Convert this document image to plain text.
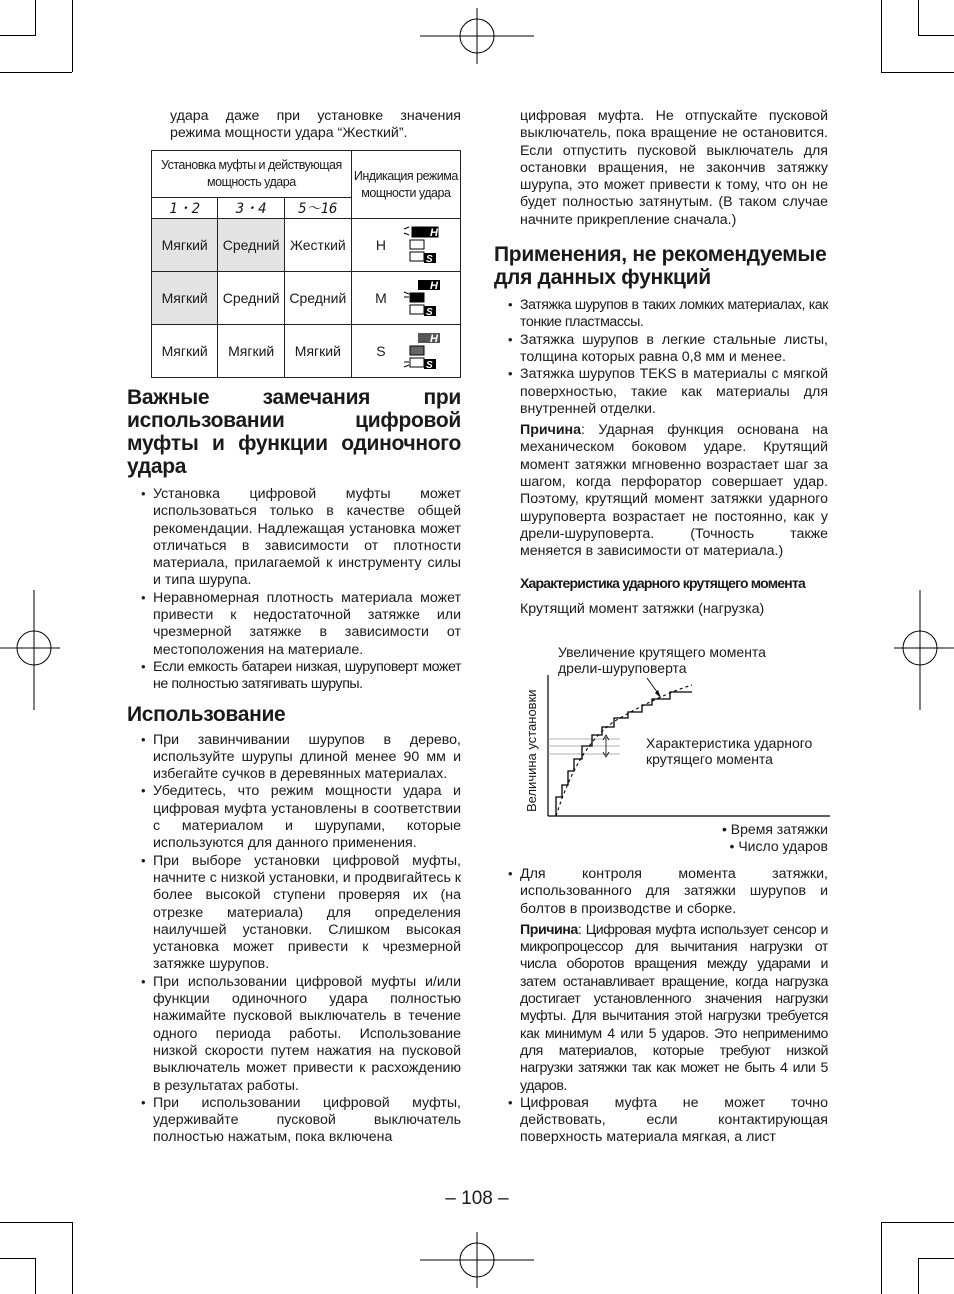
удара даже при установке значения режима мощности удара “Жесткий”.

Установка муфты и действующая мощность удара			Индикация режима мощности удара
1・2	3・4	5～16	
Мягкий	Средний	Жесткий	H
H
S

Мягкий	Средний	Средний	M
H
S

Мягкий	Мягкий	Мягкий	S
H
S
Важные замечания при использовании цифровой муфты и функции одиночного удара

• Установка цифровой муфты может использоваться только в качестве общей рекомендации. Надлежащая установка может отличаться в зависимости от плотности материала, прилагаемой к инструменту силы и типа шурупа.

• Неравномерная плотность материала может привести к недостаточной затяжке или чрезмерной затяжке в зависимости от местоположения на материале.

• Если емкость батареи низкая, шуруповерт может не полностью затягивать шурупы.

Использование

• При завинчивании шурупов в дерево, используйте шурупы длиной менее 90 мм и избегайте сучков в деревянных материалах.

• Убедитесь, что режим мощности удара и цифровая муфта установлены в соответствии с материалом и шурупами, которые используются для данного применения.

• При выборе установки цифровой муфты, начните с низкой установки, и продвигайтесь к более высокой ступени проверяя их (на отрезке материала) для определения наилучшей установки. Слишком высокая установка может привести к чрезмерной затяжке шурупов.

• При использовании цифровой муфты и/или функции одиночного удара полностью нажимайте пусковой выключатель в течение одного периода работы. Использование низкой скорости путем нажатия на пусковой выключатель может привести к расхождению в результатах работы.

• При использовании цифровой муфты, удерживайте пусковой выключатель полностью нажатым, пока включена

цифровая муфта. Не отпускайте пусковой выключатель, пока вращение не остановится. Если отпустить пусковой выключатель для остановки вращения, не закончив затяжку шурупа, это может привести к тому, что он не будет полностью затянутым. (В таком случае начните прикрепление сначала.)

Применения, не рекомендуемые для данных функций

• Затяжка шурупов в таких ломких материалах, как тонкие пластмассы.

• Затяжка шурупов в легкие стальные листы, толщина которых равна 0,8 мм и менее.

• Затяжка шурупов TEKS в материалы с мягкой поверхностью, такие как материалы для внутренней отделки.

Причина: Ударная функция основана на механическом боковом ударе. Крутящий момент затяжки мгновенно возрастает шаг за шагом, когда перфоратор совершает удар. Поэтому, крутящий момент затяжки ударного шуруповерта возрастает не постоянно, как у дрели-шуруповерта. (Точность также меняется в зависимости от материала.)

Характеристика ударного крутящего момента

Крутящий момент затяжки (нагрузка)

Величина установки
Увеличение крутящего момента дрели-шуруповерта
Характеристика ударного крутящего момента
• Время затяжки
• Число ударов

• Для контроля момента затяжки, использованного для затяжки шурупов и болтов в производстве и сборке.

Причина: Цифровая муфта использует сенсор и микропроцессор для вычитания нагрузки от числа оборотов вращения между ударами и затем останавливает вращение, когда нагрузка достигает установленного значения нагрузки муфты. Для вычитания этой нагрузки требуется как минимум 4 или 5 ударов. Это неприменимо для материалов, которые требуют низкой нагрузки затяжки так как может не быть 4 или 5 ударов.

• Цифровая муфта не может точно действовать, если контактирующая поверхность материала мягкая, а лист

– 108 –
